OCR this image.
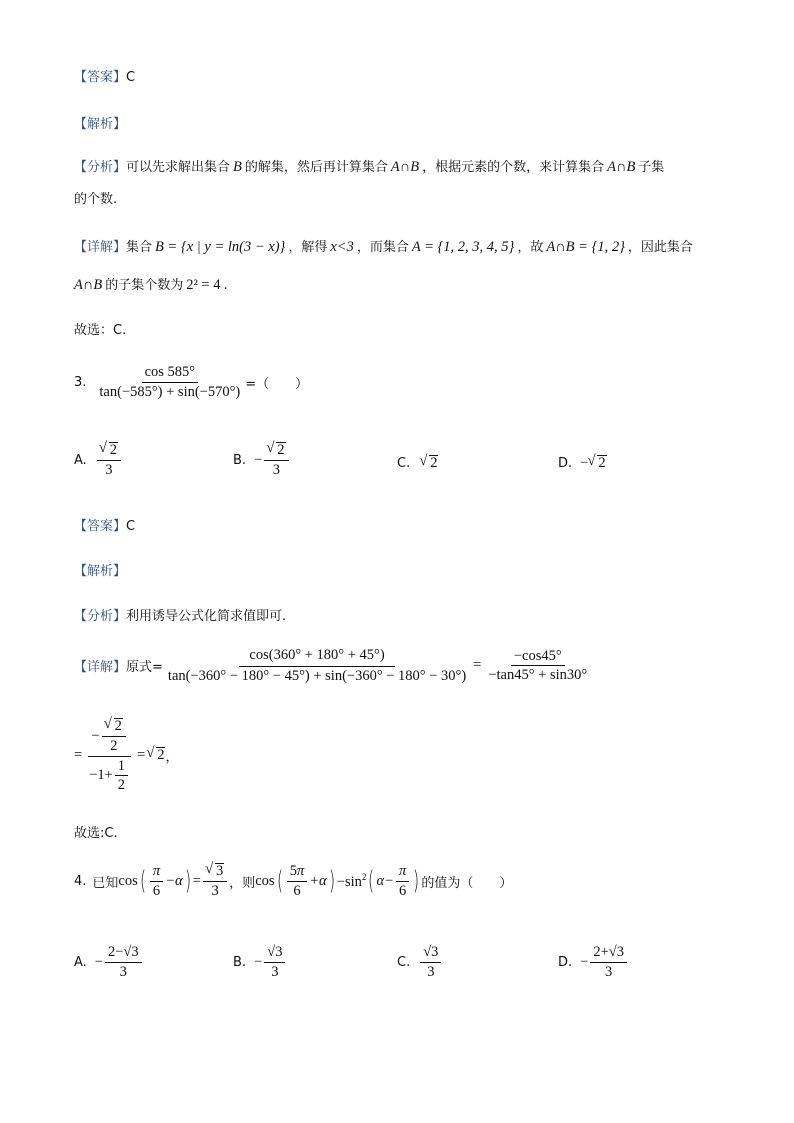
【答案】C
【解析】
【分析】可以先求解出集合 B 的解集，然后再计算集合 A∩B ，根据元素的个数，来计算集合 A∩B 子集
的个数.
【详解】集合 B = {x | y = ln(3 − x)} ，解得 x<3 ，而集合 A = {1, 2, 3, 4, 5} ，故 A∩B = {1, 2} ，因此集合
A∩B 的子集个数为 2² = 4 .
故选：C.
3. $\frac{\cos 585^\circ}{\tan(-585^\circ) + \sin(-570^\circ)}$ =（　　）
A.
√ $\frac{2}{3}$	B. −
√ $\frac{2}{3}$	C.
√	2	D. −
√ 2
【答案】C
【解析】
【分析】利用诱导公式化简求值即可.
【详解】 原式= $\frac{\cos(360^\circ + 180^\circ + 45^\circ)}{\tan(-360^\circ - 180^\circ - 45^\circ) + \sin(-360^\circ - 180^\circ - 30^\circ)} = \frac{-\cos 45^\circ}{-\tan 45^\circ + \sin 30^\circ}$
= −
√ $\frac{2}{2}$
$-1+ \frac{1}{2}$ =
√ 2 ，
故选:C.
4. 已知 cos ( $\frac{\pi}{6} -\alpha$ ) =
√ $\frac{3}{3}$ ，则 cos ( $\frac{5\pi}{6} +\alpha$ ) $-\sin^2$ ( $\alpha- \frac{\pi}{6}$ ) 的值为（　　）
A. − $\frac{2-√3}{3}$	B. − $\frac{√3}{3}$	C. $\frac{√3}{3}$	D. − $\frac{2+√3}{3}$
